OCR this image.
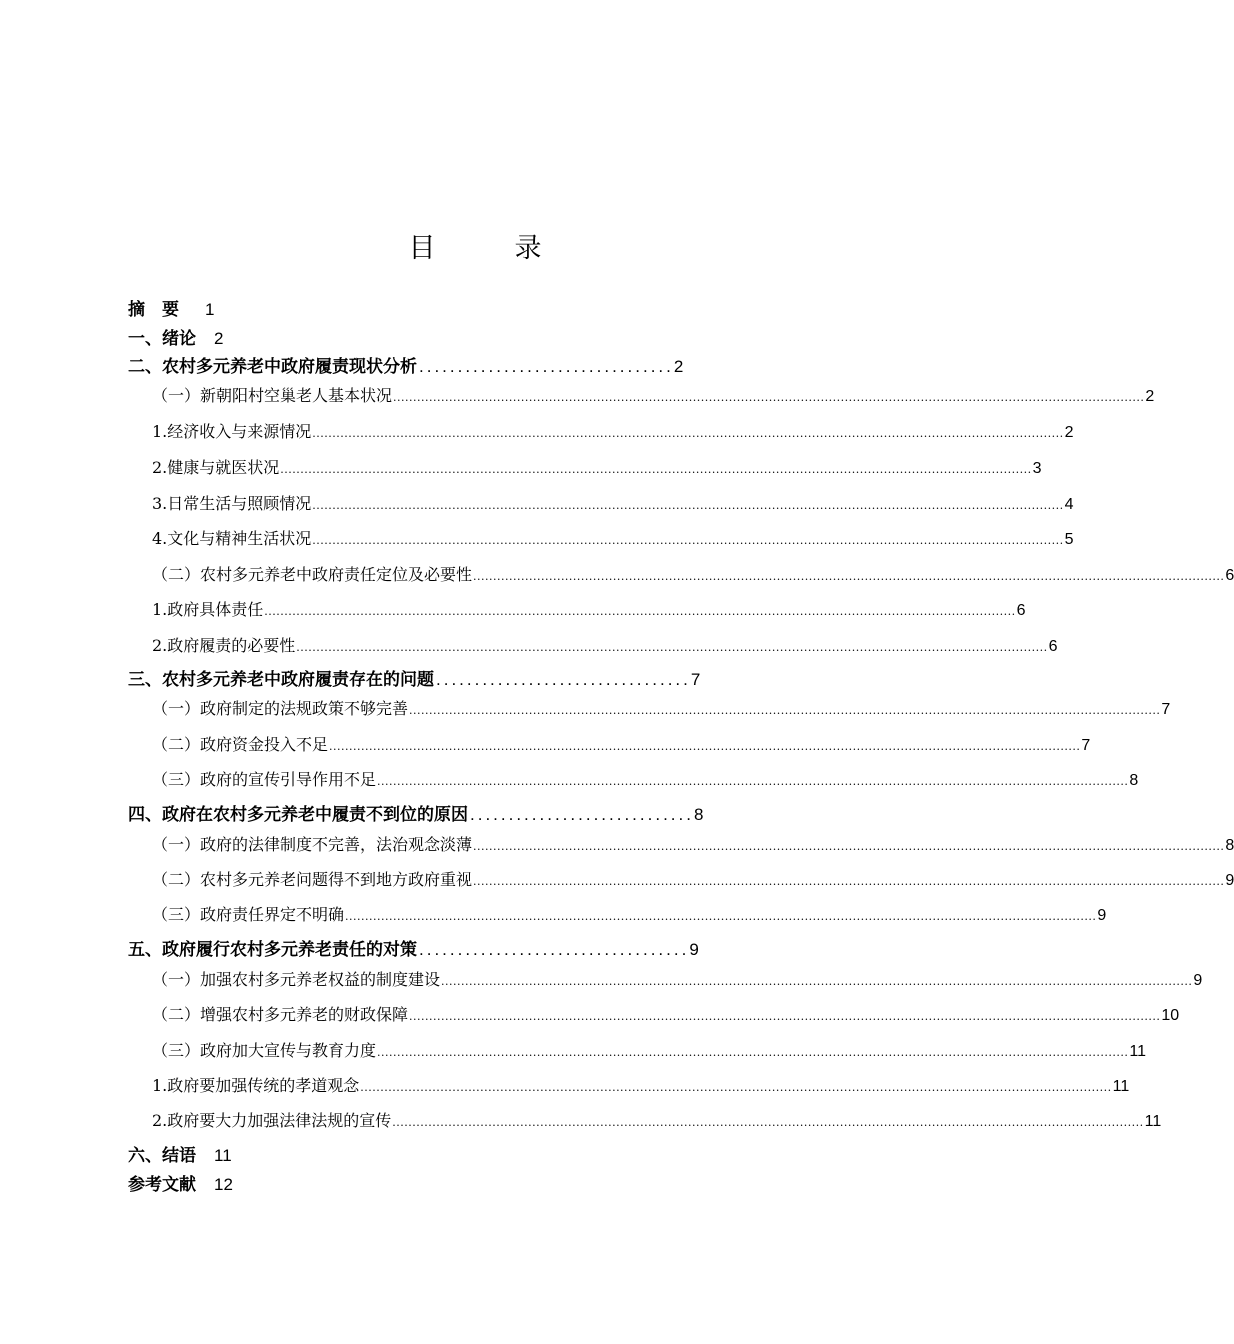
目　录
摘　要 1
一、绪论 2
二、农村多元养老中政府履责现状分析 .................................2
（一）新朝阳村空巢老人基本状况 ............................................................................................................................................................................................ 2
1.经济收入与来源情况 ............................................................................................................................................................................................ 2
2.健康与就医状况 ............................................................................................................................................................................................ 3
3.日常生活与照顾情况 ............................................................................................................................................................................................ 4
4.文化与精神生活状况 ............................................................................................................................................................................................ 5
（二）农村多元养老中政府责任定位及必要性 ............................................................................................................................................................................................ 6
1.政府具体责任 ............................................................................................................................................................................................ 6
2.政府履责的必要性 ............................................................................................................................................................................................ 6
三、农村多元养老中政府履责存在的问题 .................................7
（一）政府制定的法规政策不够完善 ............................................................................................................................................................................................ 7
（二）政府资金投入不足 ............................................................................................................................................................................................ 7
（三）政府的宣传引导作用不足 ............................................................................................................................................................................................ 8
四、政府在农村多元养老中履责不到位的原因 .............................8
（一）政府的法律制度不完善，法治观念淡薄 ............................................................................................................................................................................................ 8
（二）农村多元养老问题得不到地方政府重视 ............................................................................................................................................................................................ 9
（三）政府责任界定不明确 ............................................................................................................................................................................................ 9
五、政府履行农村多元养老责任的对策 ...................................9
（一）加强农村多元养老权益的制度建设 ............................................................................................................................................................................................ 9
（二）增强农村多元养老的财政保障 ............................................................................................................................................................................................ 10
（三）政府加大宣传与教育力度 ............................................................................................................................................................................................ 11
1.政府要加强传统的孝道观念 ............................................................................................................................................................................................ 11
2.政府要大力加强法律法规的宣传 ............................................................................................................................................................................................ 11
六、结语 11
参考文献 12
